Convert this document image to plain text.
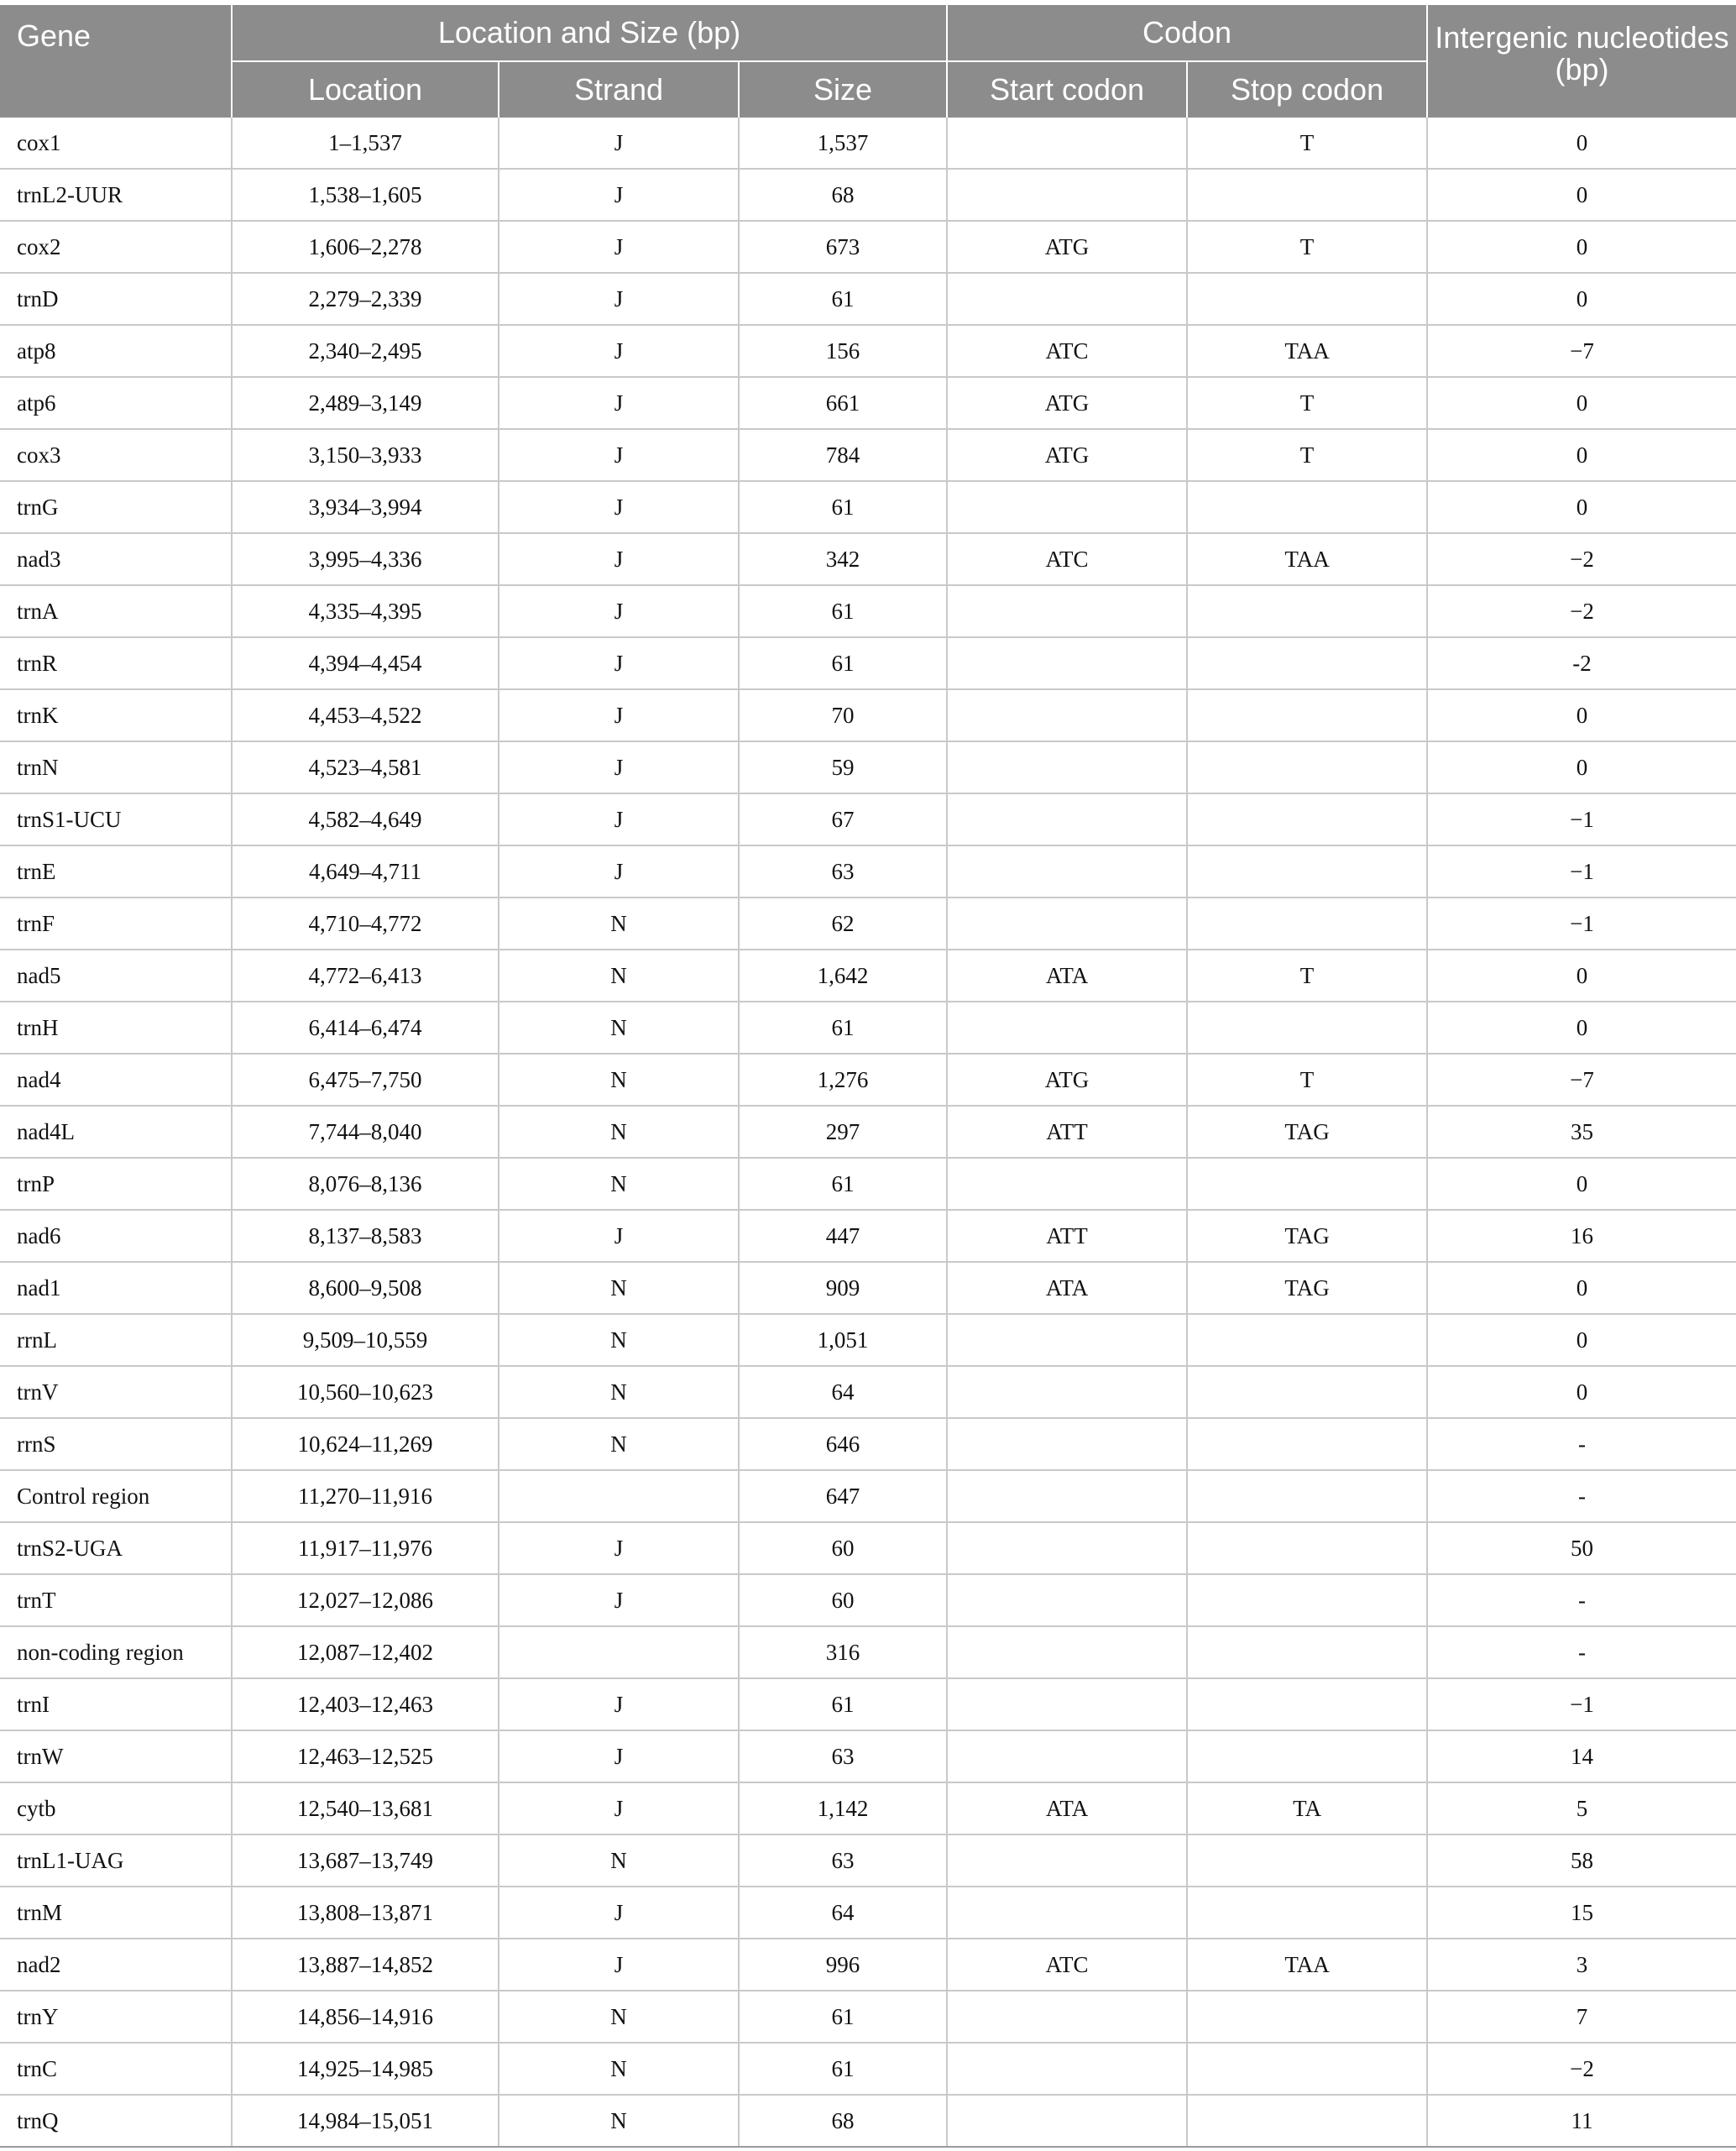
Gene	Location and Size (bp)			Codon		Intergenic nucleotides (bp)
	Location	Strand	Size	Start codon	Stop codon	
cox1	1–1,537	J	1,537		T	0
trnL2-UUR	1,538–1,605	J	68			0
cox2	1,606–2,278	J	673	ATG	T	0
trnD	2,279–2,339	J	61			0
atp8	2,340–2,495	J	156	ATC	TAA	−7
atp6	2,489–3,149	J	661	ATG	T	0
cox3	3,150–3,933	J	784	ATG	T	0
trnG	3,934–3,994	J	61			0
nad3	3,995–4,336	J	342	ATC	TAA	−2
trnA	4,335–4,395	J	61			−2
trnR	4,394–4,454	J	61			-2
trnK	4,453–4,522	J	70			0
trnN	4,523–4,581	J	59			0
trnS1-UCU	4,582–4,649	J	67			−1
trnE	4,649–4,711	J	63			−1
trnF	4,710–4,772	N	62			−1
nad5	4,772–6,413	N	1,642	ATA	T	0
trnH	6,414–6,474	N	61			0
nad4	6,475–7,750	N	1,276	ATG	T	−7
nad4L	7,744–8,040	N	297	ATT	TAG	35
trnP	8,076–8,136	N	61			0
nad6	8,137–8,583	J	447	ATT	TAG	16
nad1	8,600–9,508	N	909	ATA	TAG	0
rrnL	9,509–10,559	N	1,051			0
trnV	10,560–10,623	N	64			0
rrnS	10,624–11,269	N	646			-
Control region	11,270–11,916		647			-
trnS2-UGA	11,917–11,976	J	60			50
trnT	12,027–12,086	J	60			-
non-coding region	12,087–12,402		316			-
trnI	12,403–12,463	J	61			−1
trnW	12,463–12,525	J	63			14
cytb	12,540–13,681	J	1,142	ATA	TA	5
trnL1-UAG	13,687–13,749	N	63			58
trnM	13,808–13,871	J	64			15
nad2	13,887–14,852	J	996	ATC	TAA	3
trnY	14,856–14,916	N	61			7
trnC	14,925–14,985	N	61			−2
trnQ	14,984–15,051	N	68			11
